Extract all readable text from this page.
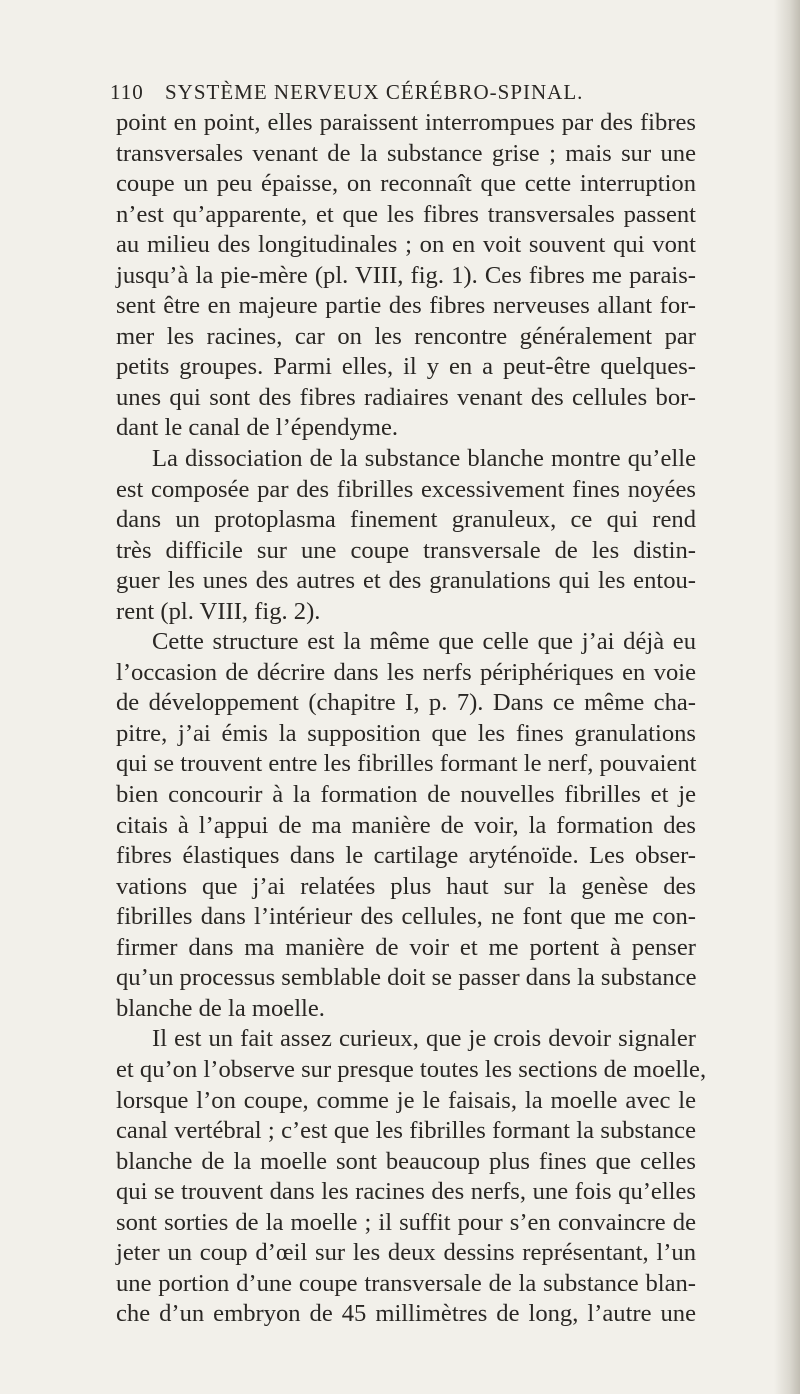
110 SYSTÈME NERVEUX CÉRÉBRO-SPINAL.
point en point, elles paraissent interrompues par des fibres
transversales venant de la substance grise ; mais sur une
coupe un peu épaisse, on reconnaît que cette interruption
n’est qu’apparente, et que les fibres transversales passent
au milieu des longitudinales ; on en voit souvent qui vont
jusqu’à la pie-mère (pl. VIII, fig. 1). Ces fibres me parais-
sent être en majeure partie des fibres nerveuses allant for-
mer les racines, car on les rencontre généralement par
petits groupes. Parmi elles, il y en a peut-être quelques-
unes qui sont des fibres radiaires venant des cellules bor-
dant le canal de l’épendyme.
La dissociation de la substance blanche montre qu’elle
est composée par des fibrilles excessivement fines noyées
dans un protoplasma finement granuleux, ce qui rend
très difficile sur une coupe transversale de les distin-
guer les unes des autres et des granulations qui les entou-
rent (pl. VIII, fig. 2).
Cette structure est la même que celle que j’ai déjà eu
l’occasion de décrire dans les nerfs périphériques en voie
de développement (chapitre I, p. 7). Dans ce même cha-
pitre, j’ai émis la supposition que les fines granulations
qui se trouvent entre les fibrilles formant le nerf, pouvaient
bien concourir à la formation de nouvelles fibrilles et je
citais à l’appui de ma manière de voir, la formation des
fibres élastiques dans le cartilage aryténoïde. Les obser-
vations que j’ai relatées plus haut sur la genèse des
fibrilles dans l’intérieur des cellules, ne font que me con-
firmer dans ma manière de voir et me portent à penser
qu’un processus semblable doit se passer dans la substance
blanche de la moelle.
Il est un fait assez curieux, que je crois devoir signaler
et qu’on l’observe sur presque toutes les sections de moelle,
lorsque l’on coupe, comme je le faisais, la moelle avec le
canal vertébral ; c’est que les fibrilles formant la substance
blanche de la moelle sont beaucoup plus fines que celles
qui se trouvent dans les racines des nerfs, une fois qu’elles
sont sorties de la moelle ; il suffit pour s’en convaincre de
jeter un coup d’œil sur les deux dessins représentant, l’un
une portion d’une coupe transversale de la substance blan-
che d’un embryon de 45 millimètres de long, l’autre une
